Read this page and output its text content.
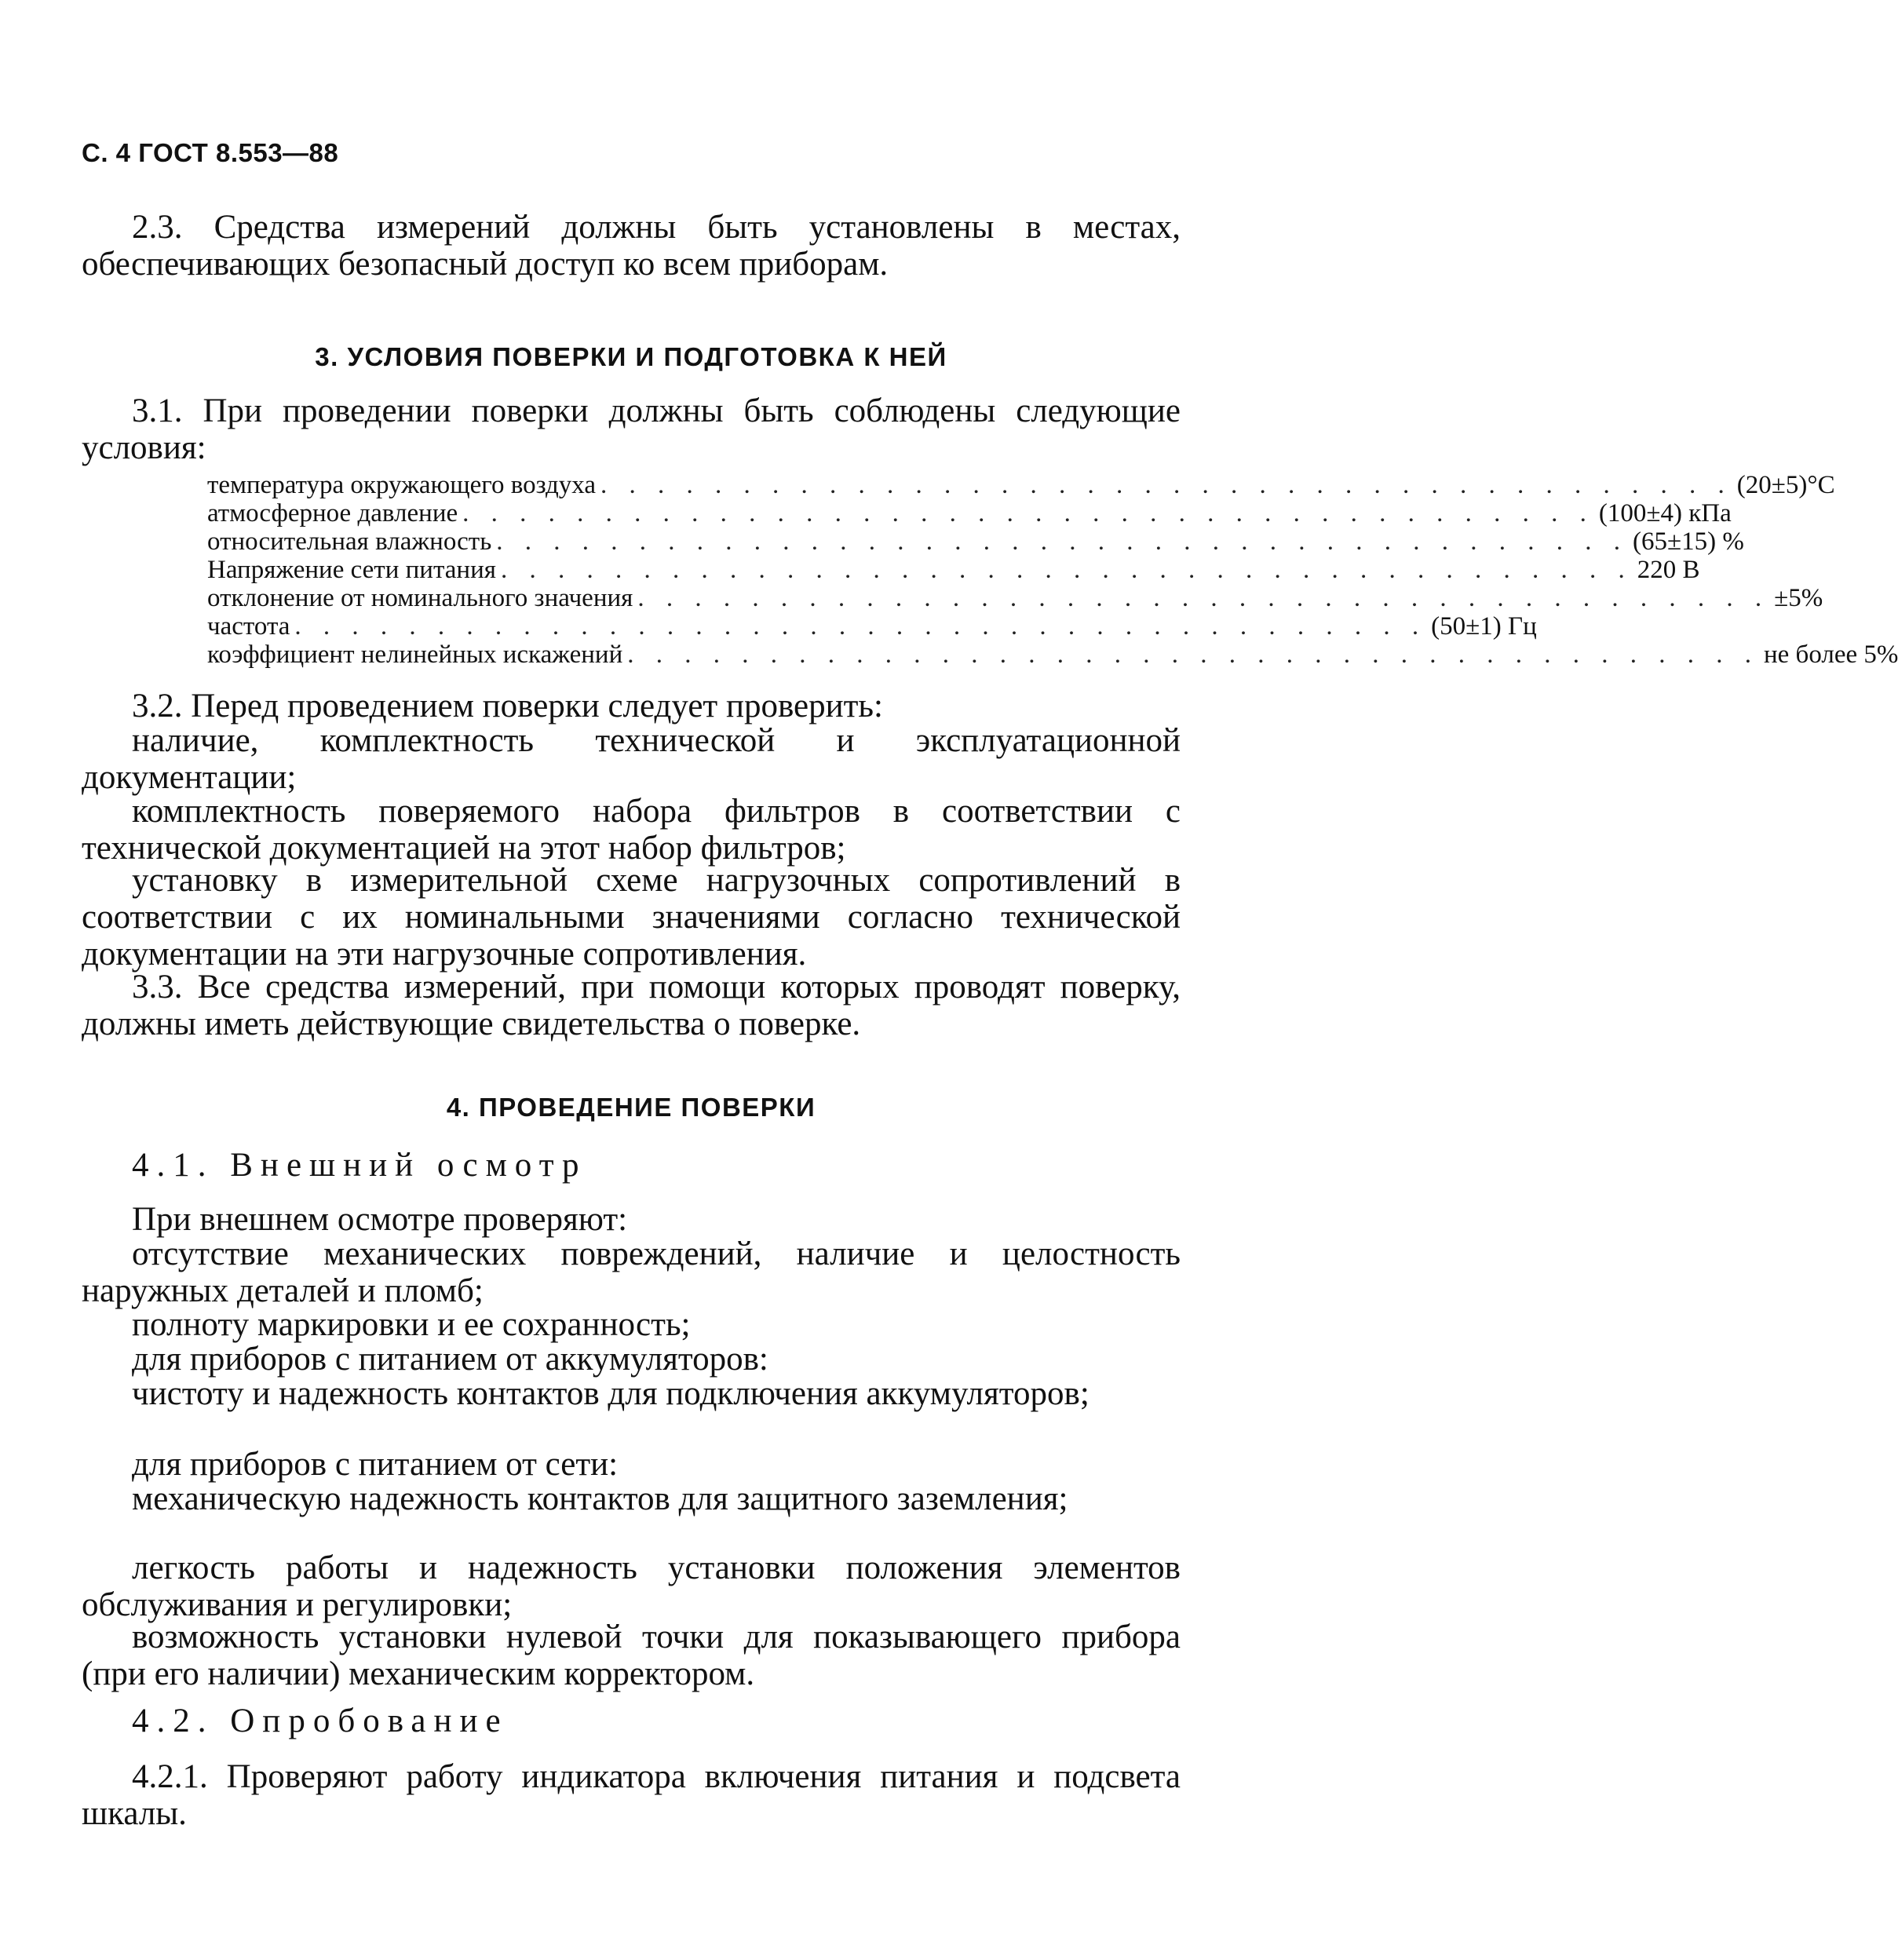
С. 4 ГОСТ 8.553—88

2.3. Средства измерений должны быть установлены в местах, обеспечивающих безопасный доступ ко всем приборам.

3. УСЛОВИЯ ПОВЕРКИ И ПОДГОТОВКА К НЕЙ

3.1. При проведении поверки должны быть соблюдены следующие условия:

температура окружающего воздуха . . . . . . . . . . . . . . . . . . . . . . . . . . . . . . . . . . . . . . . . (20±5)°C
атмосферное давление . . . . . . . . . . . . . . . . . . . . . . . . . . . . . . . . . . . . . . . . (100±4) кПа
относительная влажность . . . . . . . . . . . . . . . . . . . . . . . . . . . . . . . . . . . . . . . . (65±15) %
Напряжение сети питания . . . . . . . . . . . . . . . . . . . . . . . . . . . . . . . . . . . . . . . . 220 В
отклонение от номинального значения . . . . . . . . . . . . . . . . . . . . . . . . . . . . . . . . . . . . . . . . ±5%
частота . . . . . . . . . . . . . . . . . . . . . . . . . . . . . . . . . . . . . . . . (50±1) Гц
коэффициент нелинейных искажений . . . . . . . . . . . . . . . . . . . . . . . . . . . . . . . . . . . . . . . . не более 5%

3.2. Перед проведением поверки следует проверить:

наличие, комплектность технической и эксплуатационной документации;

комплектность поверяемого набора фильтров в соответствии с технической документацией на этот набор фильтров;

установку в измерительной схеме нагрузочных сопротивлений в соответствии с их номинальными значениями согласно технической документации на эти нагрузочные сопротивления.

3.3. Все средства измерений, при помощи которых проводят поверку, должны иметь действующие свидетельства о поверке.

4. ПРОВЕДЕНИЕ ПОВЕРКИ
4.1. Внешний осмотр

При внешнем осмотре проверяют:

отсутствие механических повреждений, наличие и целостность наружных деталей и пломб;

полноту маркировки и ее сохранность;

для приборов с питанием от аккумуляторов:

чистоту и надежность контактов для подключения аккумуляторов;

для приборов с питанием от сети:

механическую надежность контактов для защитного заземления;

легкость работы и надежность установки положения элементов обслуживания и регулировки;

возможность установки нулевой точки для показывающего прибора (при его наличии) механическим корректором.

4.2. Опробование

4.2.1. Проверяют работу индикатора включения питания и подсвета шкалы.
